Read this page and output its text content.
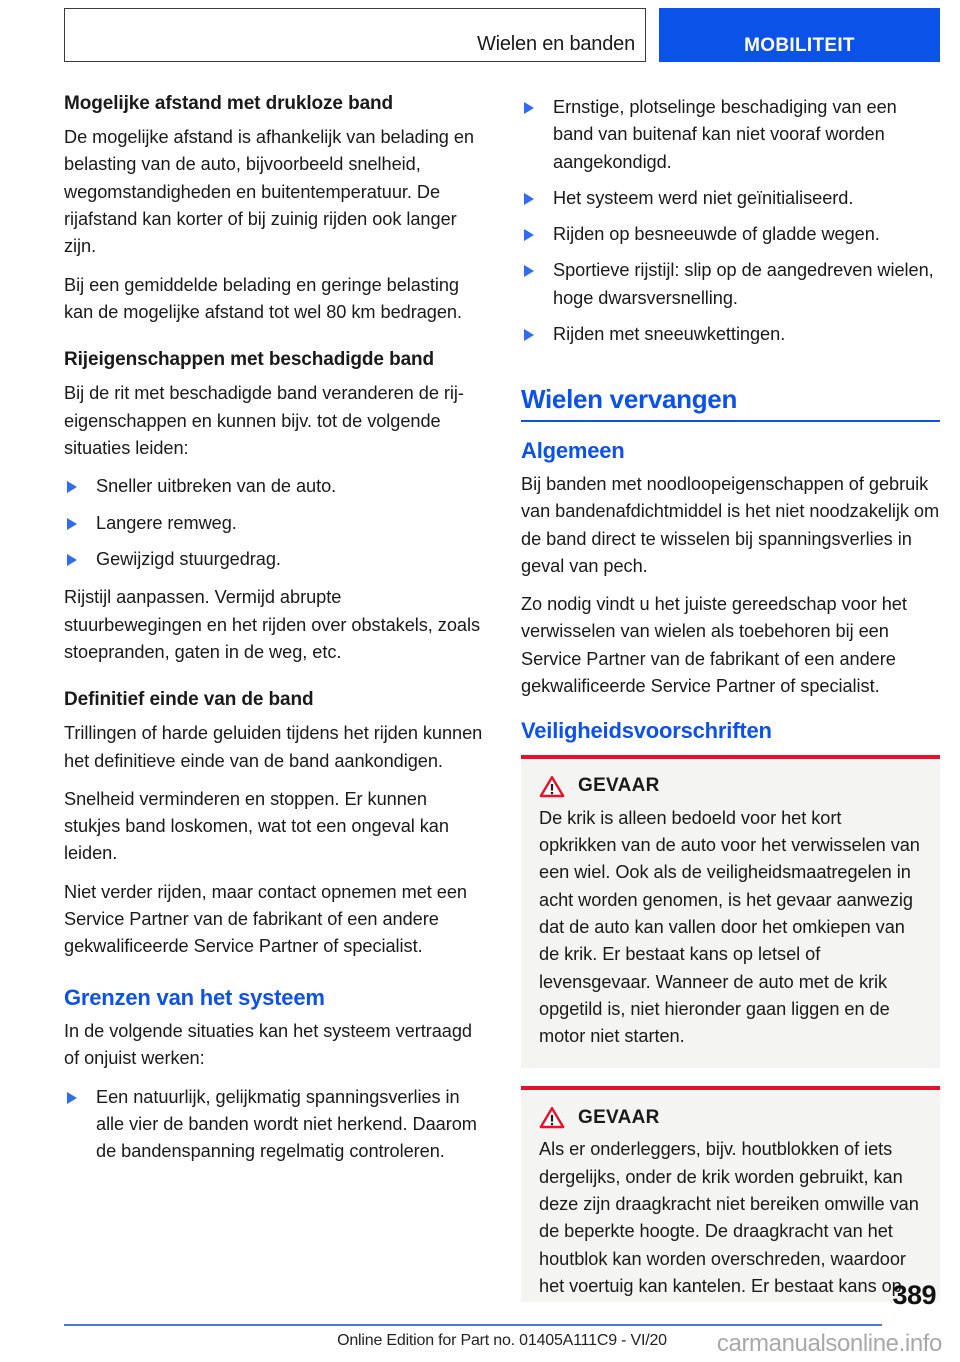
Wielen en banden	MOBILITEIT
Mogelijke afstand met drukloze band

De mogelijke afstand is afhankelijk van belading en belasting van de auto, bijvoorbeeld snelheid, wegomstandigheden en buitentemperatuur. De rijafstand kan korter of bij zuinig rijden ook langer zijn.

Bij een gemiddelde belading en geringe belasting kan de mogelijke afstand tot wel 80 km bedragen.

Rijeigenschappen met beschadigde band

Bij de rit met beschadigde band veranderen de rij-eigenschappen en kunnen bijv. tot de volgende situaties leiden:

Sneller uitbreken van de auto.
Langere remweg.
Gewijzigd stuurgedrag.

Rijstijl aanpassen. Vermijd abrupte stuurbewegingen en het rijden over obstakels, zoals stoepranden, gaten in de weg, etc.

Definitief einde van de band

Trillingen of harde geluiden tijdens het rijden kunnen het definitieve einde van de band aankondigen.

Snelheid verminderen en stoppen. Er kunnen stukjes band loskomen, wat tot een ongeval kan leiden.

Niet verder rijden, maar contact opnemen met een Service Partner van de fabrikant of een andere gekwalificeerde Service Partner of specialist.

Grenzen van het systeem

In de volgende situaties kan het systeem vertraagd of onjuist werken:

Een natuurlijk, gelijkmatig spanningsverlies in alle vier de banden wordt niet herkend. Daarom de bandenspanning regelmatig controleren.
Ernstige, plotselinge beschadiging van een band van buitenaf kan niet vooraf worden aangekondigd.
Het systeem werd niet geïnitialiseerd.
Rijden op besneeuwde of gladde wegen.
Sportieve rijstijl: slip op de aangedreven wielen, hoge dwarsversnelling.
Rijden met sneeuwkettingen.
Wielen vervangen
Algemeen

Bij banden met noodloopeigenschappen of gebruik van bandenafdichtmiddel is het niet noodzakelijk om de band direct te wisselen bij spanningsverlies in geval van pech.

Zo nodig vindt u het juiste gereedschap voor het verwisselen van wielen als toebehoren bij een Service Partner van de fabrikant of een andere gekwalificeerde Service Partner of specialist.

Veiligheidsvoorschriften
GEVAAR

De krik is alleen bedoeld voor het kort opkrikken van de auto voor het verwisselen van een wiel. Ook als de veiligheidsmaatregelen in acht worden genomen, is het gevaar aanwezig dat de auto kan vallen door het omkiepen van de krik. Er bestaat kans op letsel of levensgevaar. Wanneer de auto met de krik opgetild is, niet hieronder gaan liggen en de motor niet starten.

GEVAAR

Als er onderleggers, bijv. houtblokken of iets dergelijks, onder de krik worden gebruikt, kan deze zijn draagkracht niet bereiken omwille van de beperkte hoogte. De draagkracht van het houtblok kan worden overschreden, waardoor het voertuig kan kantelen. Er bestaat kans op

389
Online Edition for Part no. 01405A111C9 - VI/20	carmanualsonline.info
